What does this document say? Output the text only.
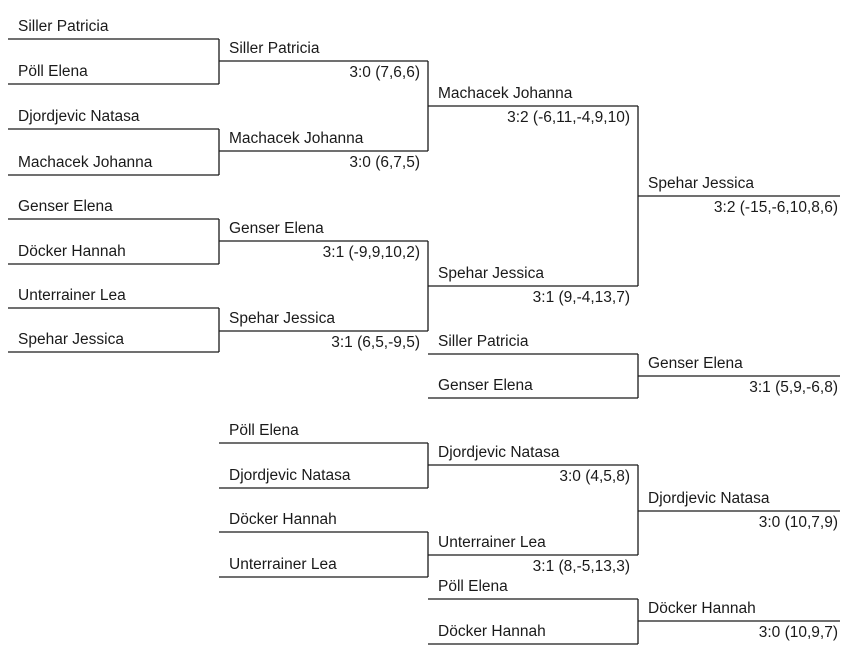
Siller Patricia
Pöll Elena
Djordjevic Natasa
Machacek Johanna
Genser Elena
Döcker Hannah
Unterrainer Lea
Spehar Jessica
Siller Patricia
3:0 (7,6,6)
Machacek Johanna
3:0 (6,7,5)
Genser Elena
3:1 (-9,9,10,2)
Spehar Jessica
3:1 (6,5,-9,5)
Machacek Johanna
3:2 (-6,11,-4,9,10)
Spehar Jessica
3:1 (9,-4,13,7)
Spehar Jessica
3:2 (-15,-6,10,8,6)
Siller Patricia
Genser Elena
Genser Elena
3:1 (5,9,-6,8)
Pöll Elena
Djordjevic Natasa
Döcker Hannah
Unterrainer Lea
Djordjevic Natasa
3:0 (4,5,8)
Unterrainer Lea
3:1 (8,-5,13,3)
Djordjevic Natasa
3:0 (10,7,9)
Pöll Elena
Döcker Hannah
Döcker Hannah
3:0 (10,9,7)
